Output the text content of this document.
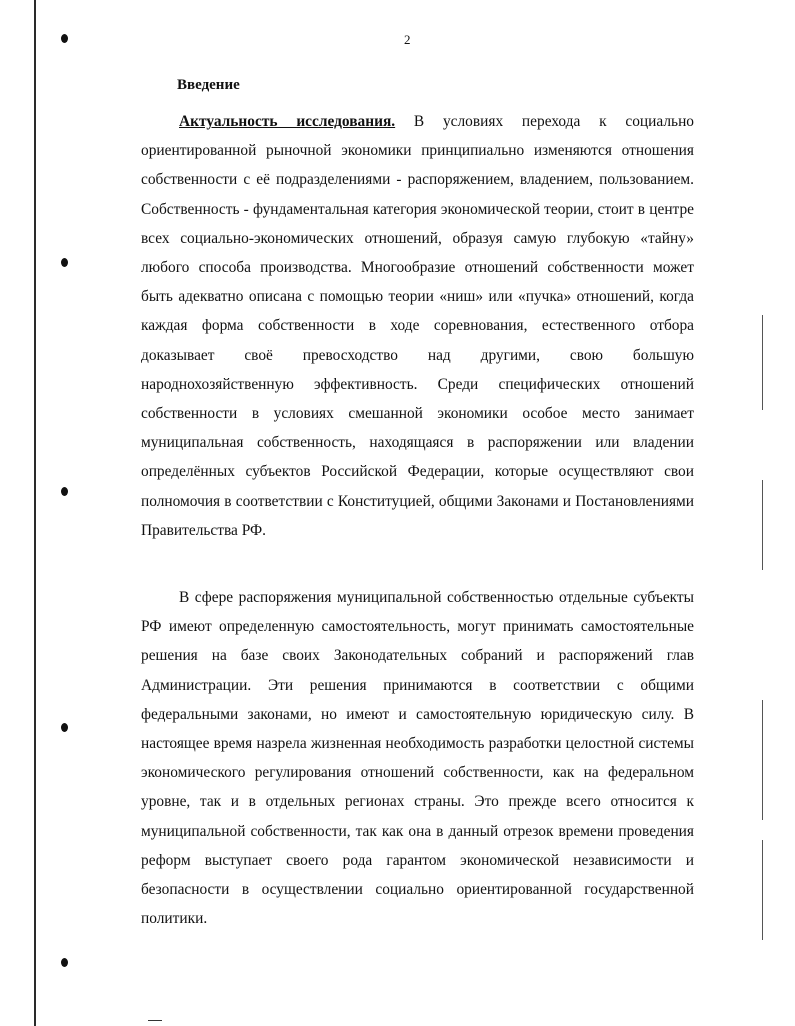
2
Введение

Актуальность исследования. В условиях перехода к социально ориентированной рыночной экономики принципиально изменяются отношения собственности с её подразделениями - распоряжением, владением, пользованием. Собственность - фундаментальная категория экономической теории, стоит в центре всех социально-экономических отношений, образуя самую глубокую «тайну» любого способа производства. Многообразие отношений собственности может быть адекватно описана с помощью теории «ниш» или «пучка» отношений, когда каждая форма собственности в ходе соревнования, естественного отбора доказывает своё превосходство над другими, свою большую народнохозяйственную эффективность. Среди специфических отношений собственности в условиях смешанной экономики особое место занимает муниципальная собственность, находящаяся в распоряжении или владении определённых субъектов Российской Федерации, которые осуществляют свои полномочия в соответствии с Конституцией, общими Законами и Постановлениями Правительства РФ.

В сфере распоряжения муниципальной собственностью отдельные субъекты РФ имеют определенную самостоятельность, могут принимать самостоятельные решения на базе своих Законодательных собраний и распоряжений глав Администрации. Эти решения принимаются в соответствии с общими федеральными законами, но имеют и самостоятельную юридическую силу. В настоящее время назрела жизненная необходимость разработки целостной системы экономического регулирования отношений собственности, как на федеральном уровне, так и в отдельных регионах страны. Это прежде всего относится к муниципальной собственности, так как она в данный отрезок времени проведения реформ выступает своего рода гарантом экономической независимости и безопасности в осуществлении социально ориентированной государственной политики.
